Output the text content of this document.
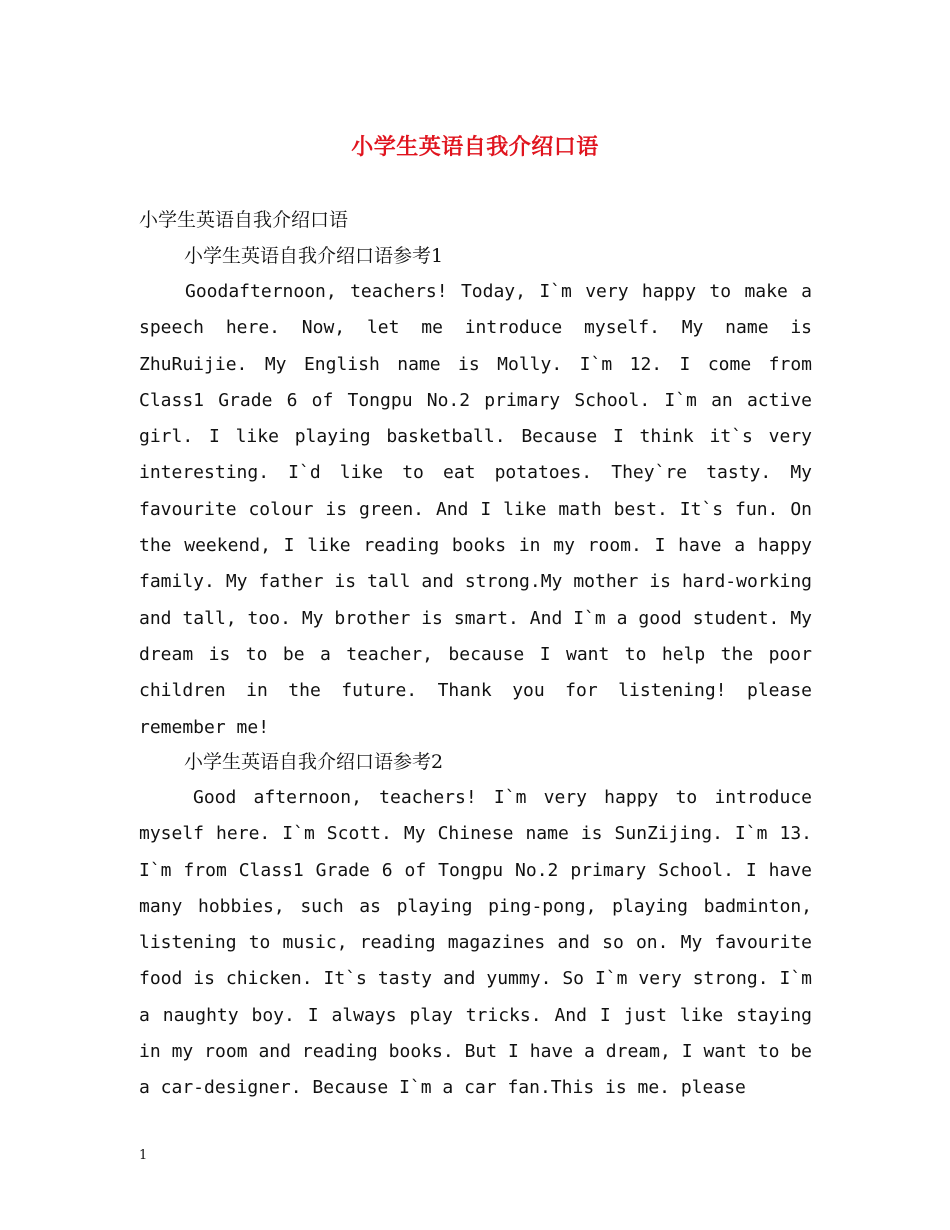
小学生英语自我介绍口语
小学生英语自我介绍口语
小学生英语自我介绍口语参考1
Goodafternoon, teachers! Today, I`m very happy to make a speech here. Now, let me introduce myself. My name is ZhuRuijie. My English name is Molly. I`m 12. I come from Class1 Grade 6 of Tongpu No.2 primary School. I`m an active girl. I like playing basketball. Because I think it`s very interesting. I`d like to eat potatoes. They`re tasty. My favourite colour is green. And I like math best. It`s fun. On the weekend, I like reading books in my room. I have a happy family. My father is tall and strong.My mother is hard-working and tall, too. My brother is smart. And I`m a good student. My dream is to be a teacher, because I want to help the poor children in the future. Thank you for listening! please remember me!
小学生英语自我介绍口语参考2
Good afternoon, teachers! I`m very happy to introduce myself here. I`m Scott. My Chinese name is SunZijing. I`m 13. I`m from Class1 Grade 6 of Tongpu No.2 primary School. I have many hobbies, such as playing ping-pong, playing badminton, listening to music, reading magazines and so on. My favourite food is chicken. It`s tasty and yummy. So I`m very strong. I`m a naughty boy. I always play tricks. And I just like staying in my room and reading books. But I have a dream, I want to be a car-designer. Because I`m a car fan.This is me. please
1
